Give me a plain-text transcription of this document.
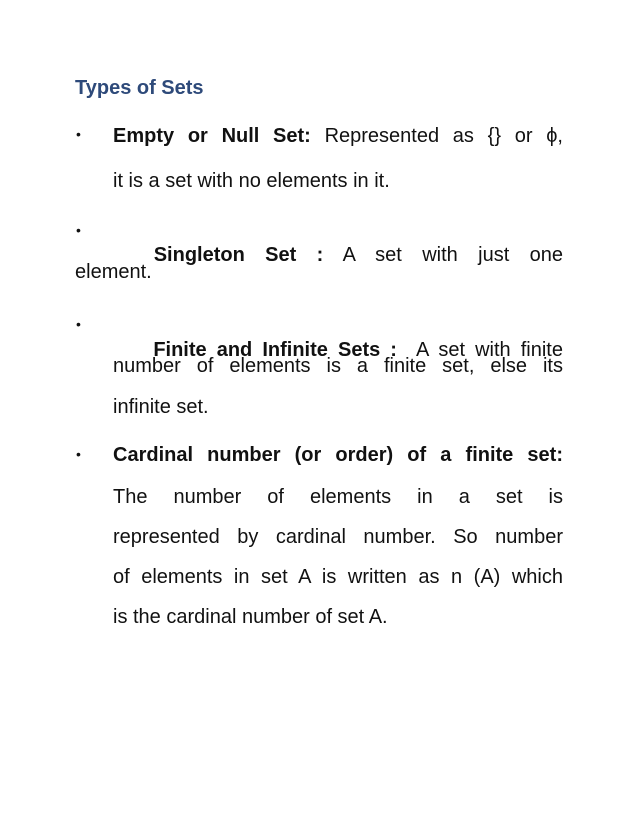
Types of Sets
• Empty or Null Set: Represented as {} or ϕ,
it is a set with no elements in it.
•

Singleton  Set  :  A  set  with  just  one

element.
•

Finite and Infinite Sets :  A set with finite

number  of  elements  is  a  finite  set,  else  its
infinite set.
• Cardinal number (or order) of a finite set:
The  number  of  elements  in  a  set  is
represented by cardinal number. So number
of elements in set A is written as n (A) which
is the cardinal number of set A.
